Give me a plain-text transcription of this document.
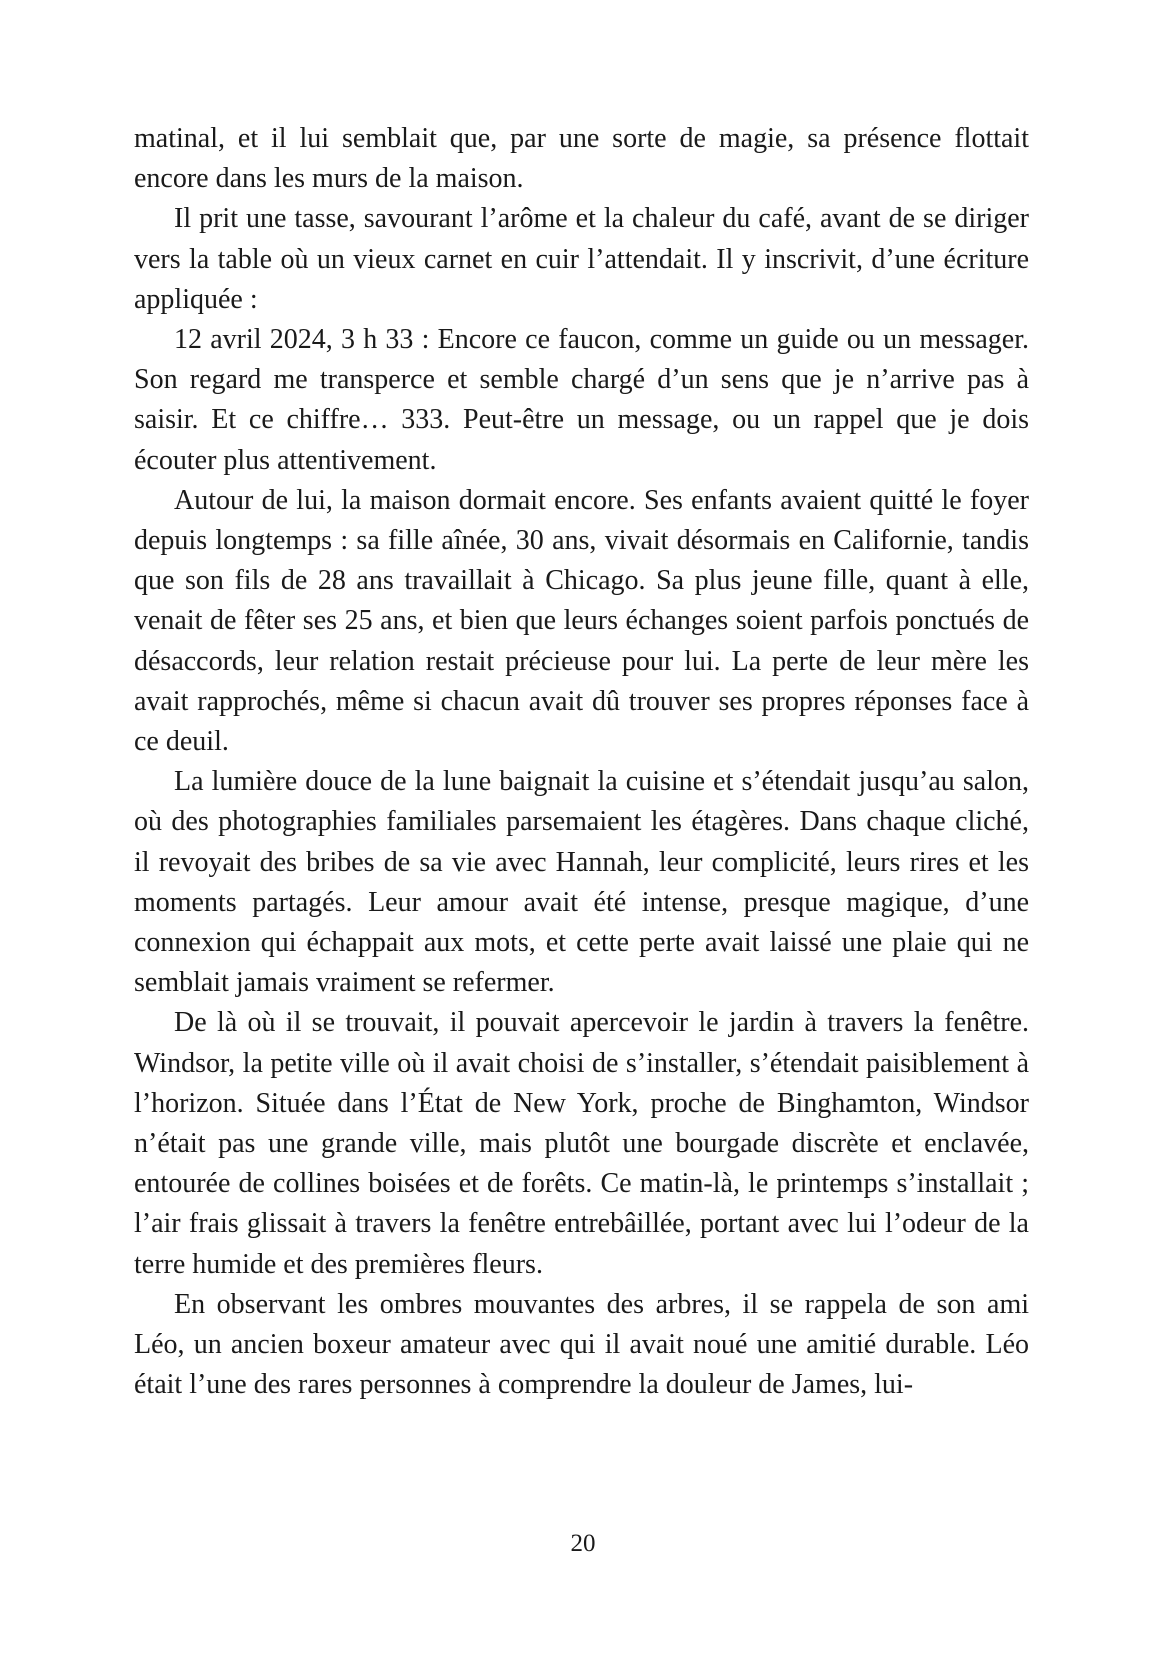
matinal, et il lui semblait que, par une sorte de magie, sa présence flottait encore dans les murs de la maison.

Il prit une tasse, savourant l’arôme et la chaleur du café, avant de se diriger vers la table où un vieux carnet en cuir l’attendait. Il y inscrivit, d’une écriture appliquée :

12 avril 2024, 3 h 33 : Encore ce faucon, comme un guide ou un messager. Son regard me transperce et semble chargé d’un sens que je n’arrive pas à saisir. Et ce chiffre… 333. Peut-être un message, ou un rappel que je dois écouter plus attentivement.

Autour de lui, la maison dormait encore. Ses enfants avaient quitté le foyer depuis longtemps : sa fille aînée, 30 ans, vivait désormais en Californie, tandis que son fils de 28 ans travaillait à Chicago. Sa plus jeune fille, quant à elle, venait de fêter ses 25 ans, et bien que leurs échanges soient parfois ponctués de désaccords, leur relation restait précieuse pour lui. La perte de leur mère les avait rapprochés, même si chacun avait dû trouver ses propres réponses face à ce deuil.

La lumière douce de la lune baignait la cuisine et s’étendait jusqu’au salon, où des photographies familiales parsemaient les étagères. Dans chaque cliché, il revoyait des bribes de sa vie avec Hannah, leur complicité, leurs rires et les moments partagés. Leur amour avait été intense, presque magique, d’une connexion qui échappait aux mots, et cette perte avait laissé une plaie qui ne semblait jamais vraiment se refermer.

De là où il se trouvait, il pouvait apercevoir le jardin à travers la fenêtre. Windsor, la petite ville où il avait choisi de s’installer, s’étendait paisiblement à l’horizon. Située dans l’État de New York, proche de Binghamton, Windsor n’était pas une grande ville, mais plutôt une bourgade discrète et enclavée, entourée de collines boisées et de forêts. Ce matin-là, le printemps s’installait ; l’air frais glissait à travers la fenêtre entrebâillée, portant avec lui l’odeur de la terre humide et des premières fleurs.

En observant les ombres mouvantes des arbres, il se rappela de son ami Léo, un ancien boxeur amateur avec qui il avait noué une amitié durable. Léo était l’une des rares personnes à comprendre la douleur de James, lui-

20
